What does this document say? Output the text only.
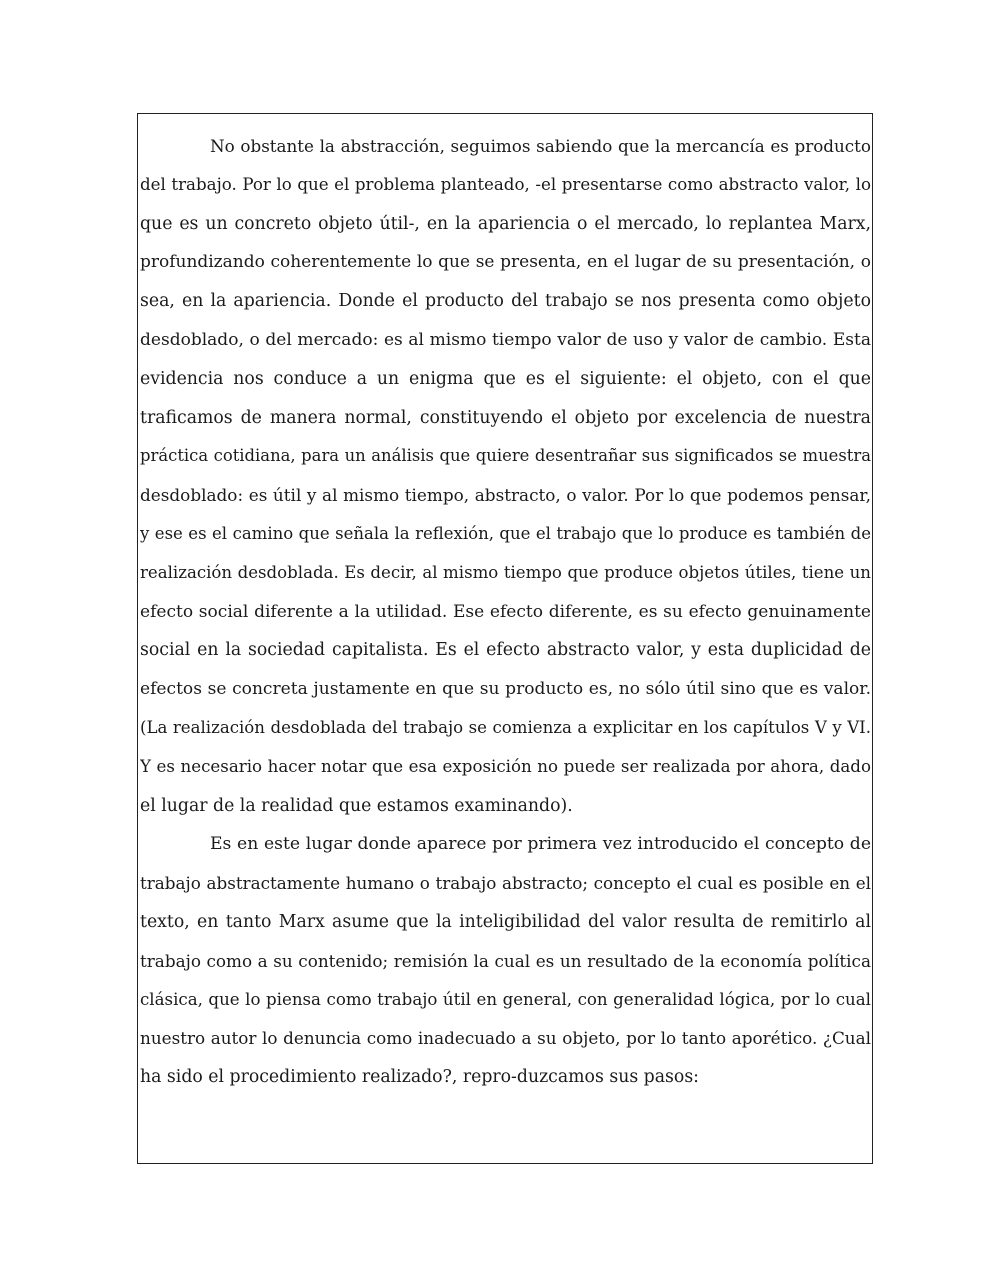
No obstante la abstracción, seguimos sabiendo que la mercancía es producto
del trabajo. Por lo que el problema planteado, -el presentarse como abstracto valor, lo
que es un concreto objeto útil-, en la apariencia o el mercado, lo replantea Marx,
profundizando coherentemente lo que se presenta, en el lugar de su presentación, o
sea, en la apariencia. Donde el producto del trabajo se nos presenta como objeto
desdoblado, o del mercado: es al mismo tiempo valor de uso y valor de cambio. Esta
evidencia nos conduce a un enigma que es el siguiente: el objeto, con el que
traficamos de manera normal, constituyendo el objeto por excelencia de nuestra
práctica cotidiana, para un análisis que quiere desentrañar sus significados se muestra
desdoblado: es útil y al mismo tiempo, abstracto, o valor. Por lo que podemos pensar,
y ese es el camino que señala la reflexión, que el trabajo que lo produce es también de
realización desdoblada. Es decir, al mismo tiempo que produce objetos útiles, tiene un
efecto social diferente a la utilidad. Ese efecto diferente, es su efecto genuinamente
social en la sociedad capitalista. Es el efecto abstracto valor, y esta duplicidad de
efectos se concreta justamente en que su producto es, no sólo útil sino que es valor.
(La realización desdoblada del trabajo se comienza a explicitar en los capítulos V y VI.
Y es necesario hacer notar que esa exposición no puede ser realizada por ahora, dado
el lugar de la realidad que estamos examinando).
Es en este lugar donde aparece por primera vez introducido el concepto de
trabajo abstractamente humano o trabajo abstracto; concepto el cual es posible en el
texto, en tanto Marx asume que la inteligibilidad del valor resulta de remitirlo al
trabajo como a su contenido; remisión la cual es un resultado de la economía política
clásica, que lo piensa como trabajo útil en general, con generalidad lógica, por lo cual
nuestro autor lo denuncia como inadecuado a su objeto, por lo tanto aporético. ¿Cual
ha sido el procedimiento realizado?, repro-duzcamos sus pasos:
